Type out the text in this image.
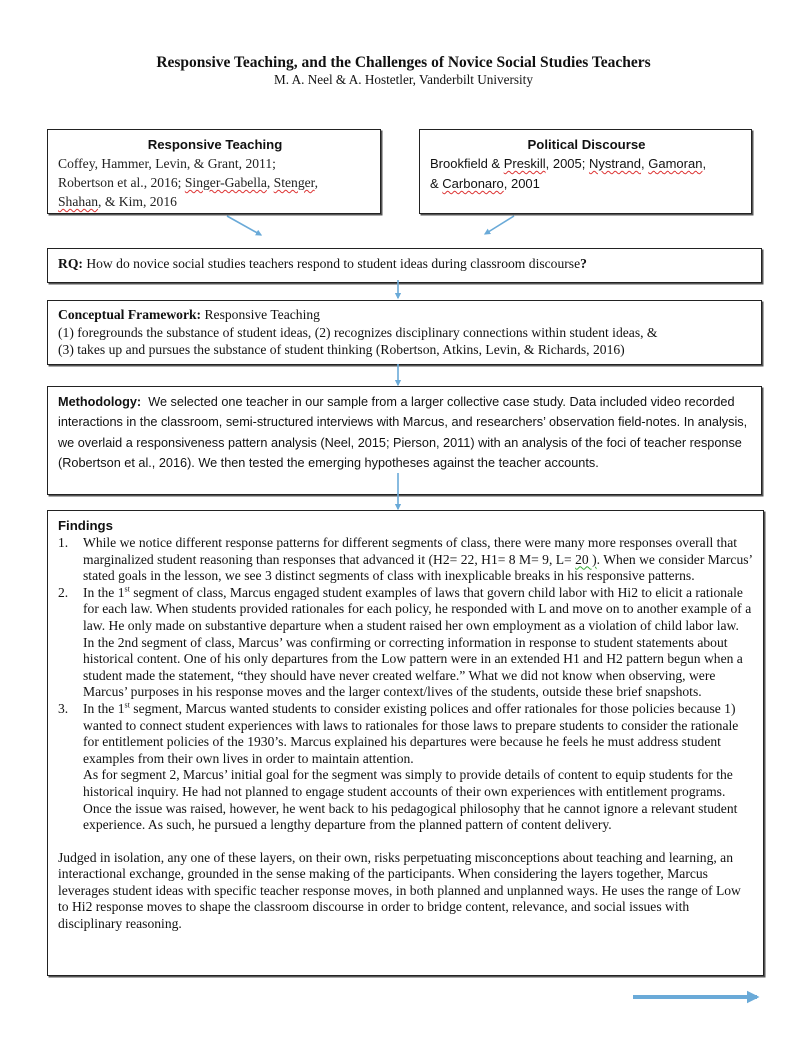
Responsive Teaching, and the Challenges of Novice Social Studies Teachers
M. A. Neel & A. Hostetler, Vanderbilt University
Responsive Teaching
Coffey, Hammer, Levin, & Grant, 2011;
Robertson et al., 2016; Singer-Gabella, Stenger,
Shahan, & Kim, 2016
Political Discourse
Brookfield & Preskill, 2005; Nystrand, Gamoran,
& Carbonaro, 2001
RQ: How do novice social studies teachers respond to student ideas during classroom discourse?
Conceptual Framework: Responsive Teaching
(1) foregrounds the substance of student ideas, (2) recognizes disciplinary connections within student ideas, &
(3) takes up and pursues the substance of student thinking (Robertson, Atkins, Levin, & Richards, 2016)
Methodology:  We selected one teacher in our sample from a larger collective case study. Data included video recorded interactions in the classroom, semi-structured interviews with Marcus, and researchers’ observation field-notes. In analysis, we overlaid a responsiveness pattern analysis (Neel, 2015; Pierson, 2011) with an analysis of the foci of teacher response (Robertson et al., 2016). We then tested the emerging hypotheses against the teacher accounts.
Findings
1. While we notice different response patterns for different segments of class, there were many more responses overall that marginalized student reasoning than responses that advanced it (H2= 22, H1= 8 M= 9, L= 20 ). When we consider Marcus’ stated goals in the lesson, we see 3 distinct segments of class with inexplicable breaks in his responsive patterns.
2. In the 1st segment of class, Marcus engaged student examples of laws that govern child labor with Hi2 to elicit a rationale for each law. When students provided rationales for each policy, he responded with L and move on to another example of a law. He only made on substantive departure when a student raised her own employment as a violation of child labor law. In the 2nd segment of class, Marcus’ was confirming or correcting information in response to student statements about historical content. One of his only departures from the Low pattern were in an extended H1 and H2 pattern begun when a student made the statement, “they should have never created welfare.” What we did not know when observing, were Marcus’ purposes in his response moves and the larger context/lives of the students, outside these brief snapshots.
3. In the 1st segment, Marcus wanted students to consider existing polices and offer rationales for those policies because 1) wanted to connect student experiences with laws to rationales for those laws to prepare students to consider the rationale for entitlement policies of the 1930’s. Marcus explained his departures were because he feels he must address student examples from their own lives in order to maintain attention.
As for segment 2, Marcus’ initial goal for the segment was simply to provide details of content to equip students for the historical inquiry. He had not planned to engage student accounts of their own experiences with entitlement programs. Once the issue was raised, however, he went back to his pedagogical philosophy that he cannot ignore a relevant student experience. As such, he pursued a lengthy departure from the planned pattern of content delivery.
Judged in isolation, any one of these layers, on their own, risks perpetuating misconceptions about teaching and learning, an interactional exchange, grounded in the sense making of the participants. When considering the layers together, Marcus leverages student ideas with specific teacher response moves, in both planned and unplanned ways. He uses the range of Low to Hi2 response moves to shape the classroom discourse in order to bridge content, relevance, and social issues with disciplinary reasoning.
